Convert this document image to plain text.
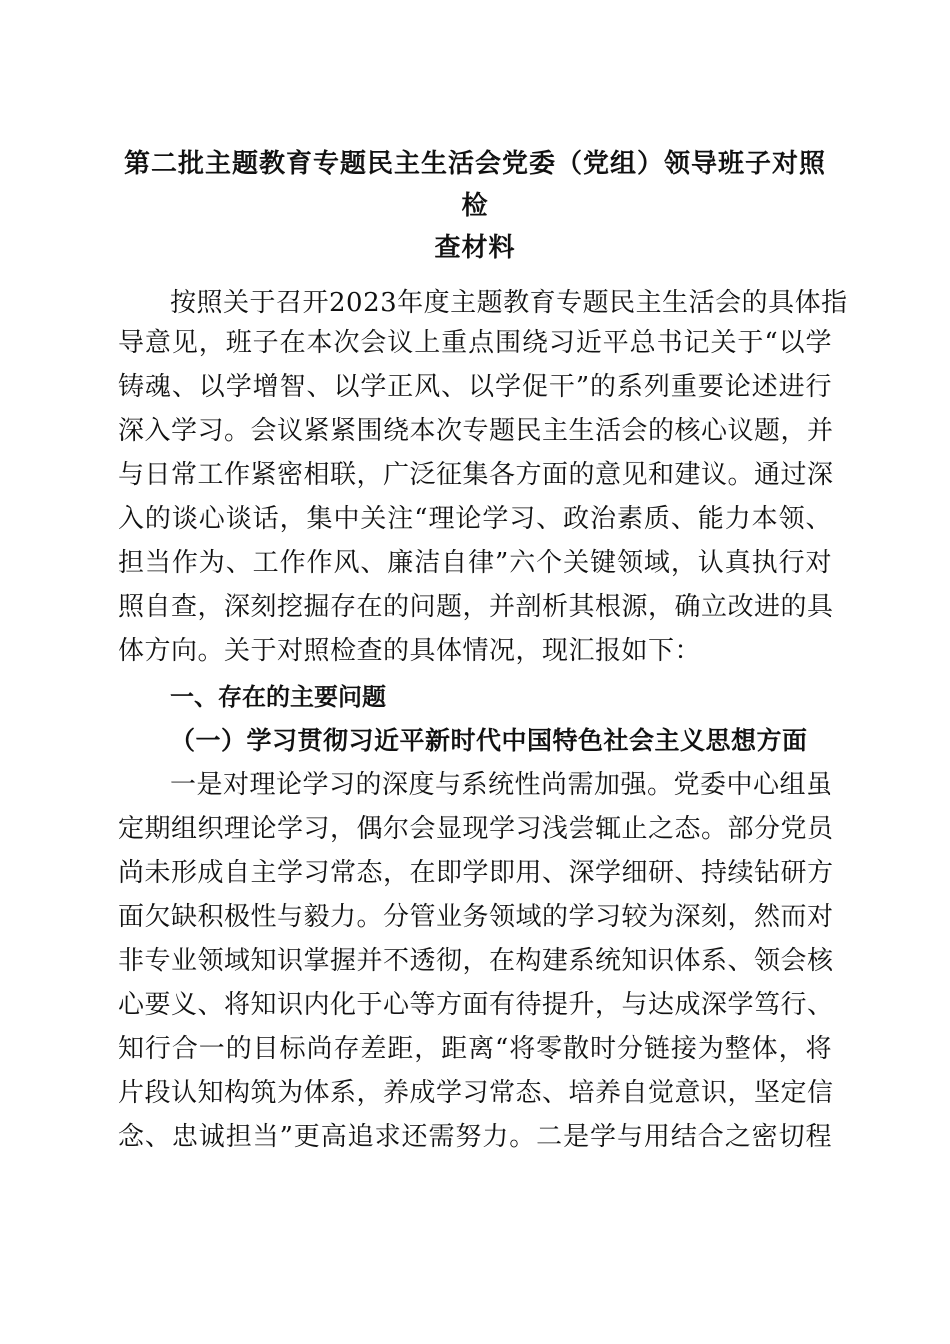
第二批主题教育专题民主生活会党委（党组）领导班子对照检
查材料
按照关于召开2023年度主题教育专题民主生活会的具体指
导意见，班子在本次会议上重点围绕习近平总书记关于“以学
铸魂、以学增智、以学正风、以学促干”的系列重要论述进行
深入学习。会议紧紧围绕本次专题民主生活会的核心议题，并
与日常工作紧密相联，广泛征集各方面的意见和建议。通过深
入的谈心谈话，集中关注“理论学习、政治素质、能力本领、
担当作为、工作作风、廉洁自律”六个关键领域，认真执行对
照自查，深刻挖掘存在的问题，并剖析其根源，确立改进的具
体方向。关于对照检查的具体情况，现汇报如下：
一、存在的主要问题
（一）学习贯彻习近平新时代中国特色社会主义思想方面
一是对理论学习的深度与系统性尚需加强。党委中心组虽
定期组织理论学习，偶尔会显现学习浅尝辄止之态。部分党员
尚未形成自主学习常态，在即学即用、深学细研、持续钻研方
面欠缺积极性与毅力。分管业务领域的学习较为深刻，然而对
非专业领域知识掌握并不透彻，在构建系统知识体系、领会核
心要义、将知识内化于心等方面有待提升，与达成深学笃行、
知行合一的目标尚存差距，距离“将零散时分链接为整体，将
片段认知构筑为体系，养成学习常态、培养自觉意识，坚定信
念、忠诚担当”更高追求还需努力。二是学与用结合之密切程
